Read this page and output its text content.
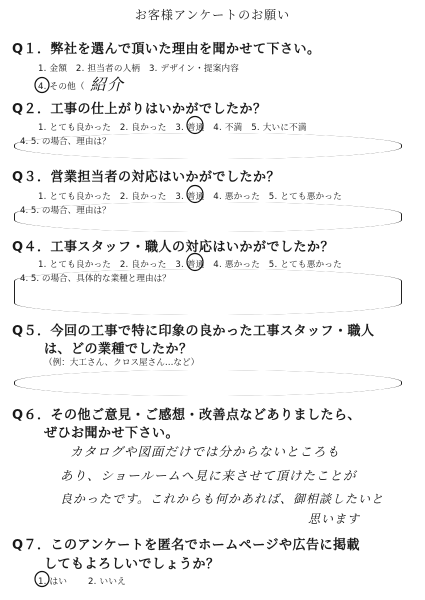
お客様アンケートのお願い
Q１．弊社を選んで頂いた理由を聞かせて下さい。
1. 金額　2. 担当者の人柄　3. デザイン・提案内容
4. その他（ 紹介
Q２．工事の仕上がりはいかがでしたか？
1. とても良かった　2. 良かった　3. 普通　4. 不満　5. 大いに不満
4. 5. の場合、理由は？
Q３．営業担当者の対応はいかがでしたか？
1. とても良かった　2. 良かった　3. 普通　4. 悪かった　5. とても悪かった
4. 5. の場合、理由は？
Q４．工事スタッフ・職人の対応はいかがでしたか？
1. とても良かった　2. 良かった　3. 普通　4. 悪かった　5. とても悪かった
4. 5. の場合、具体的な業種と理由は？
Q５．今回の工事で特に印象の良かった工事スタッフ・職人
は、どの業種でしたか？
（例：大工さん、クロス屋さん…など）
Q６．その他ご意見・ご感想・改善点などありましたら、
ぜひお聞かせ下さい。
カタログや図面だけでは分からないところも
あり、ショールームへ見に来させて頂けたことが
良かったです。これからも何かあれば、御相談したいと
思います
Q７．このアンケートを匿名でホームページや広告に掲載
してもよろしいでしょうか？
1. はい 2. いいえ
